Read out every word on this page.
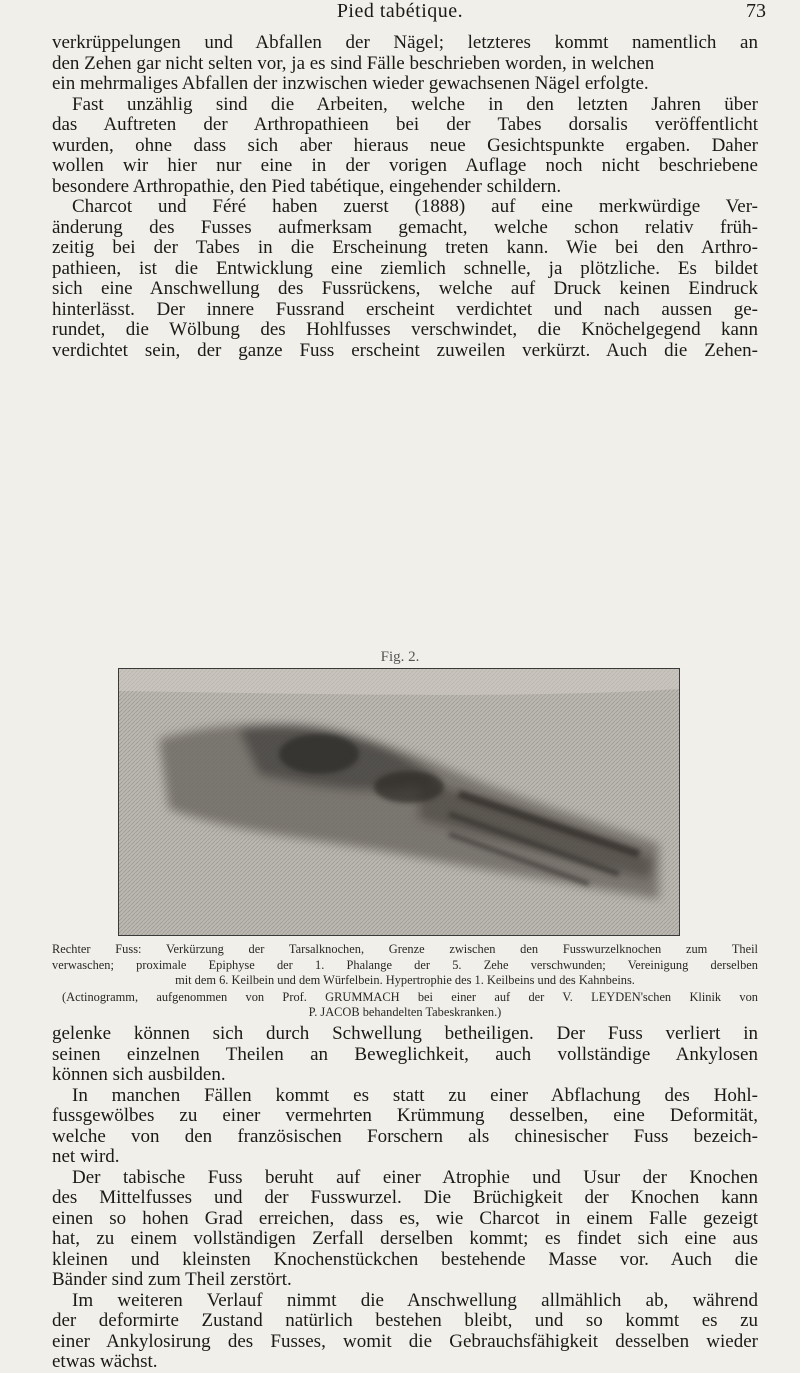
Pied tabétique.	73
verkrüppelungen und Abfallen der Nägel; letzteres kommt namentlich an
den Zehen gar nicht selten vor, ja es sind Fälle beschrieben worden, in welchen
ein mehrmaliges Abfallen der inzwischen wieder gewachsenen Nägel erfolgte.
Fast unzählig sind die Arbeiten, welche in den letzten Jahren über
das Auftreten der Arthropathieen bei der Tabes dorsalis veröffentlicht
wurden, ohne dass sich aber hieraus neue Gesichtspunkte ergaben. Daher
wollen wir hier nur eine in der vorigen Auflage noch nicht beschriebene
besondere Arthropathie, den Pied tabétique, eingehender schildern.
Charcot und Féré haben zuerst (1888) auf eine merkwürdige Ver-
änderung des Fusses aufmerksam gemacht, welche schon relativ früh-
zeitig bei der Tabes in die Erscheinung treten kann. Wie bei den Arthro-
pathieen, ist die Entwicklung eine ziemlich schnelle, ja plötzliche. Es bildet
sich eine Anschwellung des Fussrückens, welche auf Druck keinen Eindruck
hinterlässt. Der innere Fussrand erscheint verdichtet und nach aussen ge-
rundet, die Wölbung des Hohlfusses verschwindet, die Knöchelgegend kann
verdichtet sein, der ganze Fuss erscheint zuweilen verkürzt. Auch die Zehen-
Fig. 2.
Rechter Fuss: Verkürzung der Tarsalknochen, Grenze zwischen den Fusswurzelknochen zum Theil
verwaschen; proximale Epiphyse der 1. Phalange der 5. Zehe verschwunden; Vereinigung derselben
mit dem 6. Keilbein und dem Würfelbein. Hypertrophie des 1. Keilbeins und des Kahnbeins.
(Actinogramm, aufgenommen von Prof. GRUMMACH bei einer auf der V. LEYDEN'schen Klinik von
P. JACOB behandelten Tabeskranken.)
gelenke können sich durch Schwellung betheiligen. Der Fuss verliert in
seinen einzelnen Theilen an Beweglichkeit, auch vollständige Ankylosen
können sich ausbilden.
In manchen Fällen kommt es statt zu einer Abflachung des Hohl-
fussgewölbes zu einer vermehrten Krümmung desselben, eine Deformität,
welche von den französischen Forschern als chinesischer Fuss bezeich-
net wird.
Der tabische Fuss beruht auf einer Atrophie und Usur der Knochen
des Mittelfusses und der Fusswurzel. Die Brüchigkeit der Knochen kann
einen so hohen Grad erreichen, dass es, wie Charcot in einem Falle gezeigt
hat, zu einem vollständigen Zerfall derselben kommt; es findet sich eine aus
kleinen und kleinsten Knochenstückchen bestehende Masse vor. Auch die
Bänder sind zum Theil zerstört.
Im weiteren Verlauf nimmt die Anschwellung allmählich ab, während
der deformirte Zustand natürlich bestehen bleibt, und so kommt es zu
einer Ankylosirung des Fusses, womit die Gebrauchsfähigkeit desselben wieder
etwas wächst.
